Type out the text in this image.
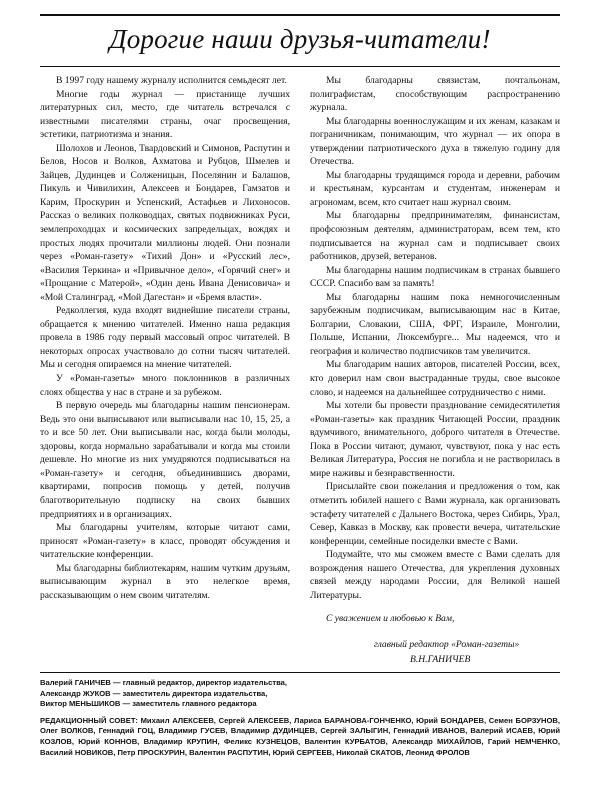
Дорогие наши друзья-читатели!

В 1997 году нашему журналу исполнится семьдесят лет.

Многие годы журнал — пристанище лучших литературных сил, место, где читатель встречался с известными писателями страны, очаг просвещения, эстетики, патриотизма и знания.

Шолохов и Леонов, Твардовский и Симонов, Распутин и Белов, Носов и Волков, Ахматова и Рубцов, Шмелев и Зайцев, Дудинцев и Солженицын, Поселянин и Балашов, Пикуль и Чивилихин, Алексеев и Бондарев, Гамзатов и Карим, Проскурин и Успенский, Астафьев и Лихоносов. Рассказ о великих полководцах, святых подвижниках Руси, землепроходцах и космических запредельцах, вождях и простых людях прочитали миллионы людей. Они познали через «Роман-газету» «Тихий Дон» и «Русский лес», «Василия Теркина» и «Привычное дело», «Горячий снег» и «Прощание с Матерой», «Один день Ивана Денисовича» и «Мой Сталинград, «Мой Дагестан» и «Бремя власти».

Редколлегия, куда входят виднейшие писатели страны, обращается к мнению читателей. Именно наша редакция провела в 1986 году первый массовый опрос читателей. В некоторых опросах участвовало до сотни тысяч читателей. Мы и сегодня опираемся на мнение читателей.

У «Роман-газеты» много поклонников в различных слоях общества у нас в стране и за рубежом.

В первую очередь мы благодарны нашим пенсионерам. Ведь это они выписывают или выписывали нас 10, 15, 25, а то и все 50 лет. Они выписывали нас, когда были молоды, здоровы, когда нормально зарабатывали и когда мы стоили дешевле. Но многие из них умудряются подписываться на «Роман-газету» и сегодня, объединившись дворами, квартирами, попросив помощь у детей, получив благотворительную подписку на своих бывших предприятиях и в организациях.

Мы благодарны учителям, которые читают сами, приносят «Роман-газету» в класс, проводят обсуждения и читательские конференции.

Мы благодарны библиотекарям, нашим чутким друзьям, выписывающим журнал в это нелегкое время, рассказывающим о нем своим читателям.

Мы благодарны связистам, почтальонам, полиграфистам, способствующим распространению журнала.

Мы благодарны военнослужащим и их женам, казакам и пограничникам, понимающим, что журнал — их опора в утверждении патриотического духа в тяжелую годину для Отечества.

Мы благодарны трудящимся города и деревни, рабочим и крестьянам, курсантам и студентам, инженерам и агрономам, всем, кто считает наш журнал своим.

Мы благодарны предпринимателям, финансистам, профсоюзным деятелям, администраторам, всем тем, кто подписывается на журнал сам и подписывает своих работников, друзей, ветеранов.

Мы благодарны нашим подписчикам в странах бывшего СССР. Спасибо вам за память!

Мы благодарны нашим пока немногочисленным зарубежным подписчикам, выписывающим нас в Китае, Болгарии, Словакии, США, ФРГ, Израиле, Монголии, Польше, Испании, Люксембурге... Мы надеемся, что и география и количество подписчиков там увеличится.

Мы благодарим наших авторов, писателей России, всех, кто доверил нам свои выстраданные труды, свое высокое слово, и надеемся на дальнейшее сотрудничество с ними.

Мы хотели бы провести празднование семидесятилетия «Роман-газеты» как праздник Читающей России, праздник вдумчивого, внимательного, доброго читателя в Отечестве. Пока в России читают, думают, чувствуют, пока у нас есть Великая Литература, Россия не погибла и не растворилась в мире наживы и безнравственности.

Присылайте свои пожелания и предложения о том, как отметить юбилей нашего с Вами журнала, как организовать эстафету читателей с Дальнего Востока, через Сибирь, Урал, Север, Кавказ в Москву, как провести вечера, читательские конференции, семейные посиделки вместе с Вами.

Подумайте, что мы сможем вместе с Вами сделать для возрождения нашего Отечества, для укрепления духовных связей между народами России, для Великой нашей Литературы.

С уважением и любовью к Вам,

главный редактор «Роман-газеты»

В.Н.ГАНИЧЕВ

Валерий ГАНИЧЕВ — главный редактор, директор издательства,

Александр ЖУКОВ — заместитель директора издательства,

Виктор МЕНЬШИКОВ — заместитель главного редактора

РЕДАКЦИОННЫЙ СОВЕТ: Михаил АЛЕКСЕЕВ, Сергей АЛЕКСЕЕВ, Лариса БАРАНОВА-ГОНЧЕНКО, Юрий БОНДАРЕВ, Семен БОРЗУНОВ, Олег ВОЛКОВ, Геннадий ГОЦ, Владимир ГУСЕВ, Владимир ДУДИНЦЕВ, Сергей ЗАЛЫГИН, Геннадий ИВАНОВ, Валерий ИСАЕВ, Юрий КОЗЛОВ, Юрий КОННОВ, Владимир КРУПИН, Феликс КУЗНЕЦОВ, Валентин КУРБАТОВ, Александр МИХАЙЛОВ, Гарий НЕМЧЕНКО, Василий НОВИКОВ, Петр ПРОСКУРИН, Валентин РАСПУТИН, Юрий СЕРГЕЕВ, Николай СКАТОВ, Леонид ФРОЛОВ
